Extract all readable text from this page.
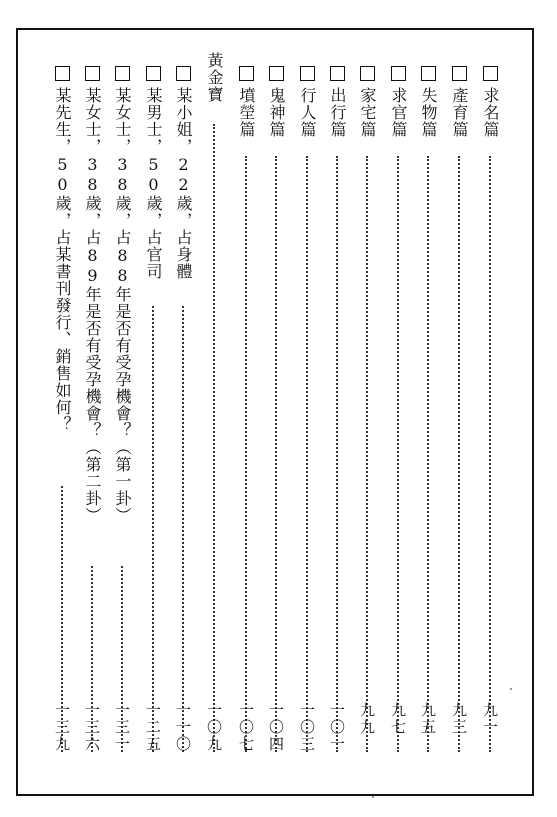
求名篇
產育篇
失物篇
求官篇
家宅篇
出行篇
行人篇
鬼神篇
墳塋篇
黃金寶
某小姐，22歲，占身體
某男士，50歲，占官司
某女士，38歲，占88年是否有受孕機會？（第一卦）
某女士，38歲，占89年是否有受孕機會？（第二卦）
某先生，50歲，占某書刊發行、銷售如何？
九一
九三
九五
九七
九九
一〇一
一〇三
一〇四
一〇七
一〇九
一一〇
一二五
一三一
一三六
一三九
